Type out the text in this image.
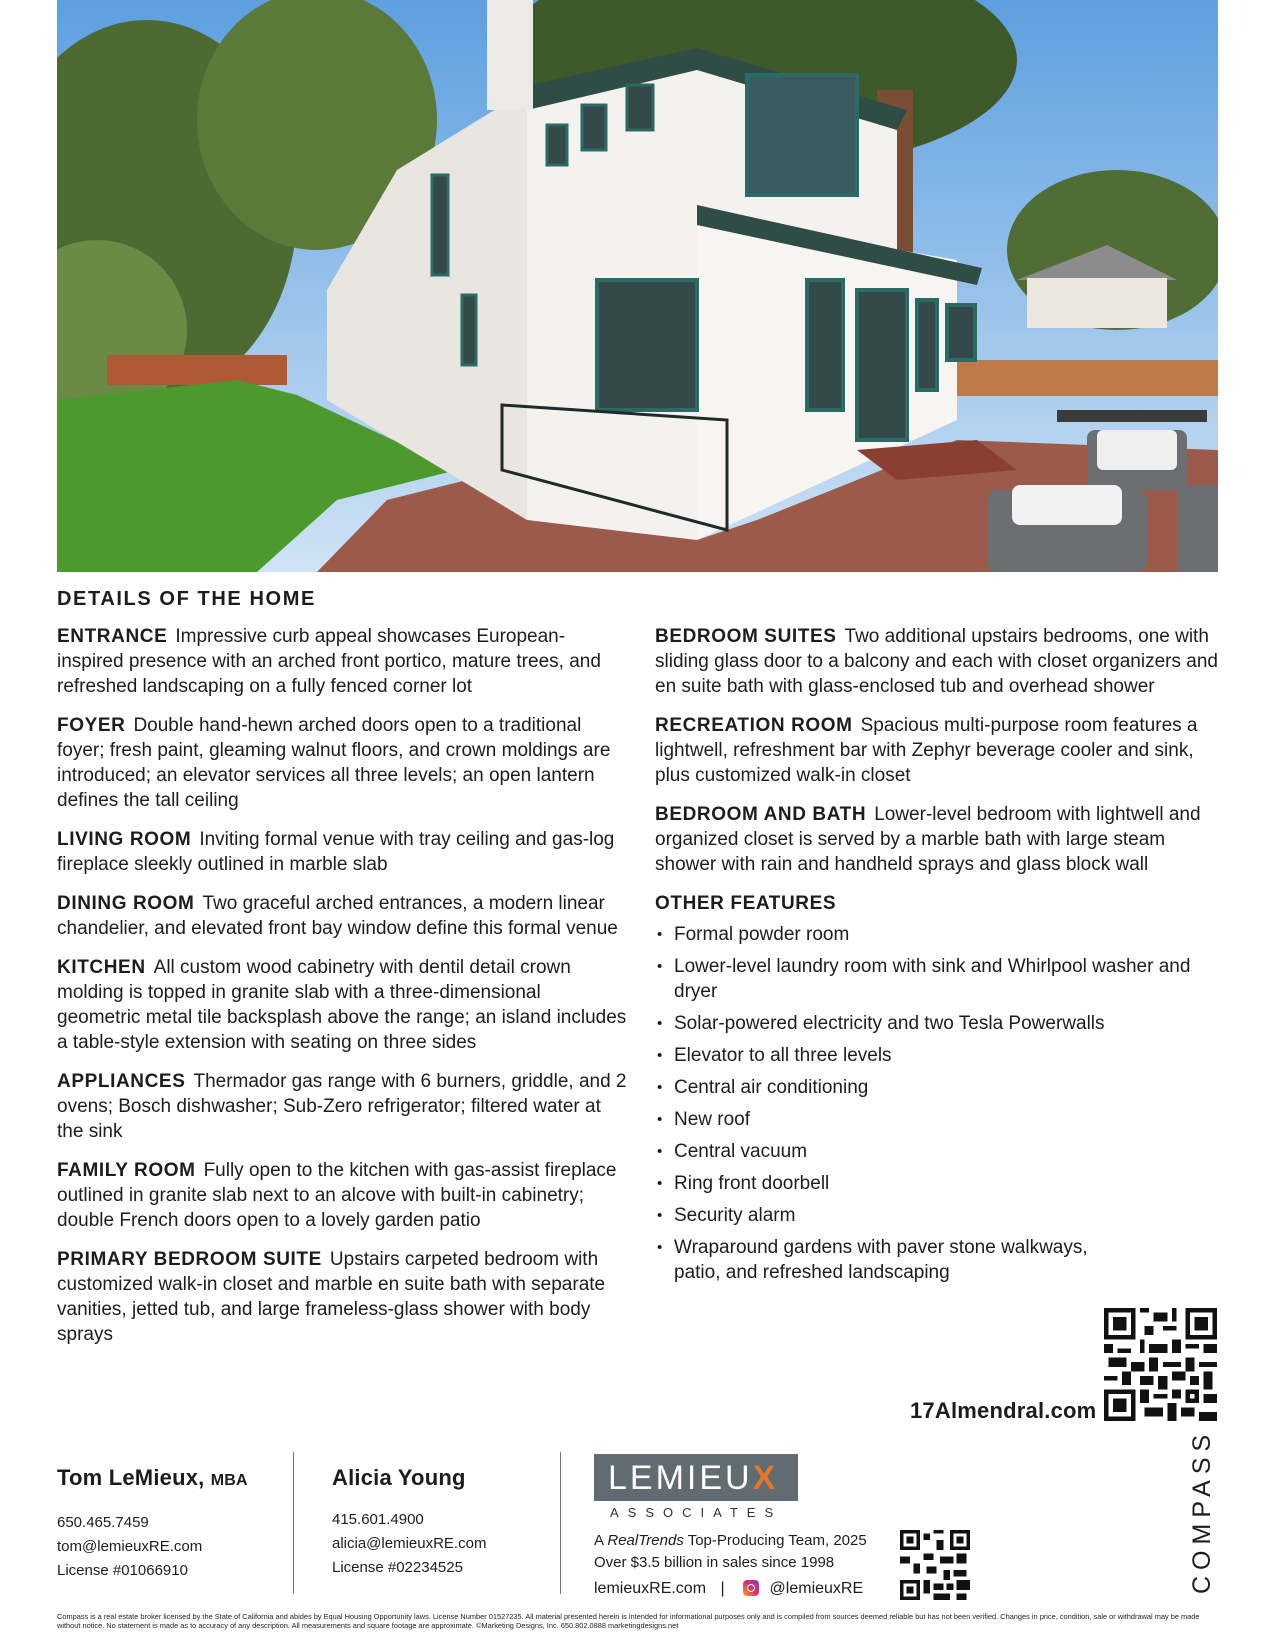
DETAILS OF THE HOME

ENTRANCE Impressive curb appeal showcases European-inspired presence with an arched front portico, mature trees, and refreshed landscaping on a fully fenced corner lot

FOYER Double hand-hewn arched doors open to a traditional foyer; fresh paint, gleaming walnut floors, and crown moldings are introduced; an elevator services all three levels; an open lantern defines the tall ceiling

LIVING ROOM Inviting formal venue with tray ceiling and gas-log fireplace sleekly outlined in marble slab

DINING ROOM Two graceful arched entrances, a modern linear chandelier, and elevated front bay window define this formal venue

KITCHEN All custom wood cabinetry with dentil detail crown molding is topped in granite slab with a three-dimensional geometric metal tile backsplash above the range; an island includes a table-style extension with seating on three sides

APPLIANCES Thermador gas range with 6 burners, griddle, and 2 ovens; Bosch dishwasher; Sub-Zero refrigerator; filtered water at the sink

FAMILY ROOM Fully open to the kitchen with gas-assist fireplace outlined in granite slab next to an alcove with built-in cabinetry; double French doors open to a lovely garden patio

PRIMARY BEDROOM SUITE Upstairs carpeted bedroom with customized walk-in closet and marble en suite bath with separate vanities, jetted tub, and large frameless-glass shower with body sprays

BEDROOM SUITES Two additional upstairs bedrooms, one with sliding glass door to a balcony and each with closet organizers and en suite bath with glass-enclosed tub and overhead shower

RECREATION ROOM Spacious multi-purpose room features a lightwell, refreshment bar with Zephyr beverage cooler and sink, plus customized walk-in closet

BEDROOM AND BATH Lower-level bedroom with lightwell and organized closet is served by a marble bath with large steam shower with rain and handheld sprays and glass block wall

OTHER FEATURES

• Formal powder room
• Lower-level laundry room with sink and Whirlpool washer and dryer
• Solar-powered electricity and two Tesla Powerwalls
• Elevator to all three levels
• Central air conditioning
• New roof
• Central vacuum
• Ring front doorbell
• Security alarm
• Wraparound gardens with paver stone walkways, patio, and refreshed landscaping
17Almendral.com
Tom LeMieux, MBA
650.465.7459
tom@lemieuxRE.com
License #01066910
Alicia Young
415.601.4900
alicia@lemieuxRE.com
License #02234525
LEMIEUX
ASSOCIATES
A RealTrends Top-Producing Team, 2025
Over $3.5 billion in sales since 1998
lemieuxRE.com |	@lemieuxRE	COMPASS
Compass is a real estate broker licensed by the State of California and abides by Equal Housing Opportunity laws. License Number 01527235. All material presented herein is intended for informational purposes only and is compiled from sources deemed reliable but has not been verified. Changes in price, condition, sale or withdrawal may be made without notice. No statement is made as to accuracy of any description. All measurements and square footage are approximate. ©Marketing Designs, Inc. 650.802.0888 marketingdesigns.net
